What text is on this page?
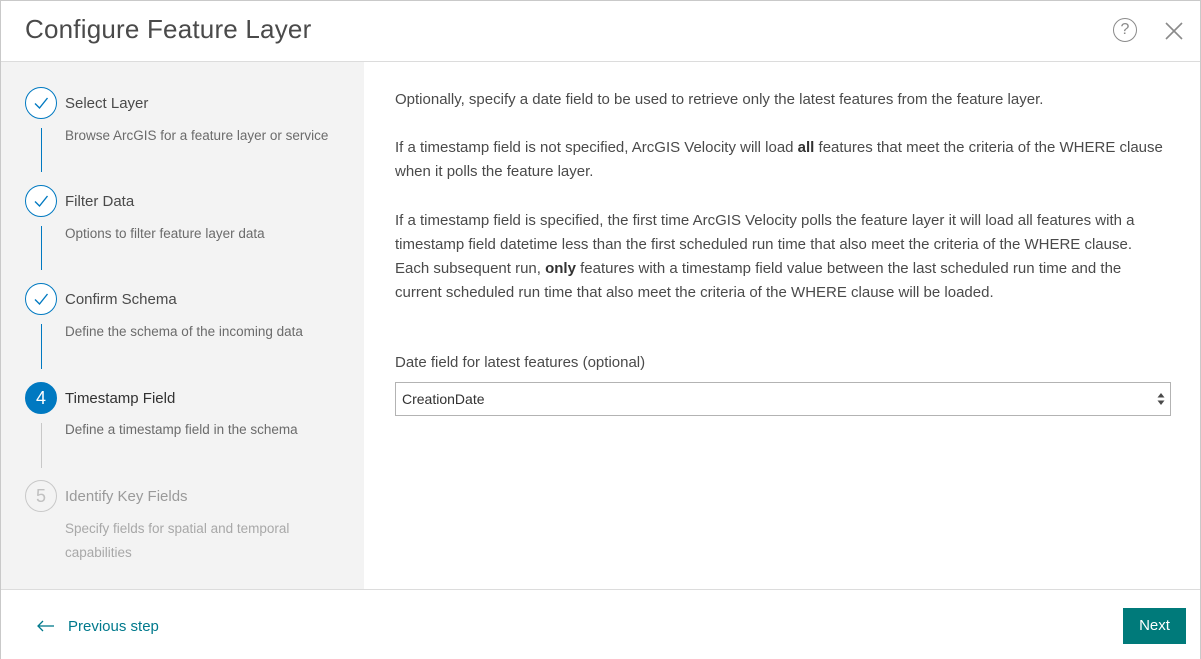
Configure Feature Layer	?
Select Layer
Browse ArcGIS for a feature layer or service
Filter Data
Options to filter feature layer data
Confirm Schema
Define the schema of the incoming data
4	Timestamp Field
Define a timestamp field in the schema
5	Identify Key Fields
Specify fields for spatial and temporal capabilities
Optionally, specify a date field to be used to retrieve only the latest features from the feature layer.
If a timestamp field is not specified, ArcGIS Velocity will load all features that meet the criteria of the WHERE clause when it polls the feature layer.
If a timestamp field is specified, the first time ArcGIS Velocity polls the feature layer it will load all features with a timestamp field datetime less than the first scheduled run time that also meet the criteria of the WHERE clause. Each subsequent run, only features with a timestamp field value between the last scheduled run time and the current scheduled run time that also meet the criteria of the WHERE clause will be loaded.
Date field for latest features (optional)
CreationDate
Previous step	Next
